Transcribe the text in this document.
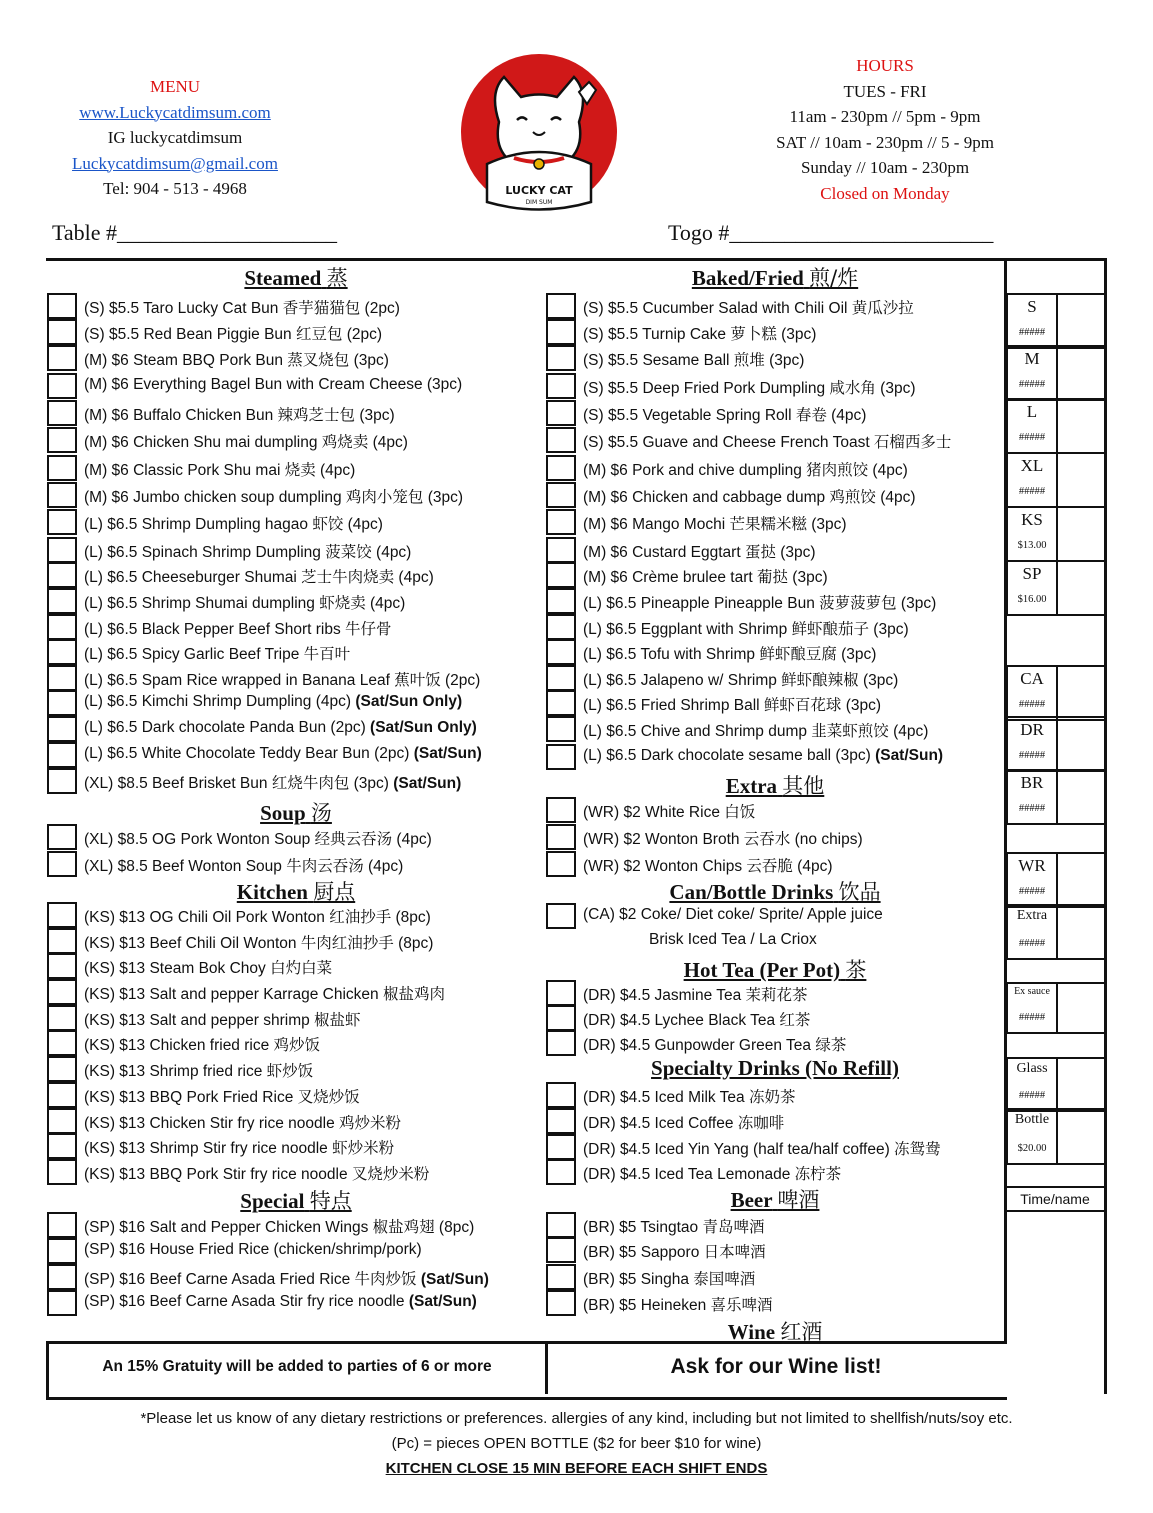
MENU
www.Luckycatdimsum.com
IG luckycatdimsum
Luckycatdimsum@gmail.com
Tel: 904 - 513 - 4968	LUCKY CAT
DIM SUM
HOURS
TUES - FRI
11am - 230pm // 5pm - 9pm
SAT // 10am - 230pm // 5 - 9pm
Sunday // 10am - 230pm
Closed on Monday
Table #____________________	Togo #________________________
Steamed 蒸
Soup 汤
Kitchen 厨点
Special 特点
Baked/Fried 煎/炸
Extra 其他
Can/Bottle Drinks 饮品
Hot Tea (Per Pot) 茶
Specialty Drinks (No Refill)
Beer 啤酒
Wine 红酒
(S) $5.5 Taro Lucky Cat Bun 香芋猫猫包 (2pc)
(S) $5.5 Red Bean Piggie Bun 红豆包 (2pc)
(M) $6 Steam BBQ Pork Bun 蒸叉烧包 (3pc)
(M) $6 Everything Bagel Bun with Cream Cheese (3pc)
(M) $6 Buffalo Chicken Bun 辣鸡芝士包 (3pc)
(M) $6 Chicken Shu mai dumpling 鸡烧卖 (4pc)
(M) $6 Classic Pork Shu mai 烧卖 (4pc)
(M) $6 Jumbo chicken soup dumpling 鸡肉小笼包 (3pc)
(L) $6.5 Shrimp Dumpling hagao 虾饺 (4pc)
(L) $6.5 Spinach Shrimp Dumpling 菠菜饺 (4pc)
(L) $6.5 Cheeseburger Shumai 芝士牛肉烧卖 (4pc)
(L) $6.5 Shrimp Shumai dumpling 虾烧卖 (4pc)
(L) $6.5 Black Pepper Beef Short ribs 牛仔骨
(L) $6.5 Spicy Garlic Beef Tripe 牛百叶
(L) $6.5 Spam Rice wrapped in Banana Leaf 蕉叶饭 (2pc)
(L) $6.5 Kimchi Shrimp Dumpling (4pc) (Sat/Sun Only)
(L) $6.5 Dark chocolate Panda Bun (2pc) (Sat/Sun Only)
(L) $6.5 White Chocolate Teddy Bear Bun (2pc) (Sat/Sun)
(XL) $8.5 Beef Brisket Bun 红烧牛肉包 (3pc) (Sat/Sun)
(XL) $8.5 OG Pork Wonton Soup 经典云吞汤 (4pc)
(XL) $8.5 Beef Wonton Soup 牛肉云吞汤 (4pc)
(KS) $13 OG Chili Oil Pork Wonton 红油抄手 (8pc)
(KS) $13 Beef Chili Oil Wonton 牛肉红油抄手 (8pc)
(KS) $13 Steam Bok Choy 白灼白菜
(KS) $13 Salt and pepper Karrage Chicken 椒盐鸡肉
(KS) $13 Salt and pepper shrimp 椒盐虾
(KS) $13 Chicken fried rice 鸡炒饭
(KS) $13 Shrimp fried rice 虾炒饭
(KS) $13 BBQ Pork Fried Rice 叉烧炒饭
(KS) $13 Chicken Stir fry rice noodle 鸡炒米粉
(KS) $13 Shrimp Stir fry rice noodle 虾炒米粉
(KS) $13 BBQ Pork Stir fry rice noodle 叉烧炒米粉
(SP) $16 Salt and Pepper Chicken Wings 椒盐鸡翅 (8pc)
(SP) $16 House Fried Rice (chicken/shrimp/pork)
(SP) $16 Beef Carne Asada Fried Rice 牛肉炒饭 (Sat/Sun)
(SP) $16 Beef Carne Asada Stir fry rice noodle (Sat/Sun)
(S) $5.5 Cucumber Salad with Chili Oil 黄瓜沙拉
(S) $5.5 Turnip Cake 萝卜糕 (3pc)
(S) $5.5 Sesame Ball 煎堆 (3pc)
(S) $5.5 Deep Fried Pork Dumpling 咸水角 (3pc)
(S) $5.5 Vegetable Spring Roll 春卷 (4pc)
(S) $5.5 Guave and Cheese French Toast 石榴西多士
(M) $6 Pork and chive dumpling 猪肉煎饺 (4pc)
(M) $6 Chicken and cabbage dump 鸡煎饺 (4pc)
(M) $6 Mango Mochi 芒果糯米糍 (3pc)
(M) $6 Custard Eggtart 蛋挞 (3pc)
(M) $6 Crème brulee tart 葡挞 (3pc)
(L) $6.5 Pineapple Pineapple Bun 菠萝菠萝包 (3pc)
(L) $6.5 Eggplant with Shrimp 鲜虾酿茄子 (3pc)
(L) $6.5 Tofu with Shrimp 鲜虾酿豆腐 (3pc)
(L) $6.5 Jalapeno w/ Shrimp 鲜虾酿辣椒 (3pc)
(L) $6.5 Fried Shrimp Ball 鲜虾百花球 (3pc)
(L) $6.5 Chive and Shrimp dump 韭菜虾煎饺 (4pc)
(L) $6.5 Dark chocolate sesame ball (3pc) (Sat/Sun)
(WR) $2 White Rice 白饭
(WR) $2 Wonton Broth 云吞水 (no chips)
(WR) $2 Wonton Chips 云吞脆 (4pc)
(CA) $2 Coke/ Diet coke/ Sprite/ Apple juice
Brisk Iced Tea / La Criox
(DR) $4.5 Jasmine Tea 茉莉花茶
(DR) $4.5 Lychee Black Tea 红茶
(DR) $4.5 Gunpowder Green Tea 绿茶
(DR) $4.5 Iced Milk Tea 冻奶茶
(DR) $4.5 Iced Coffee 冻咖啡
(DR) $4.5 Iced Yin Yang (half tea/half coffee) 冻鸳鸯
(DR) $4.5 Iced Tea Lemonade 冻柠茶
(BR) $5 Tsingtao 青岛啤酒
(BR) $5 Sapporo 日本啤酒
(BR) $5 Singha 泰国啤酒
(BR) $5 Heineken 喜乐啤酒
S
#####
M
#####
L
#####
XL
#####
KS
$13.00
SP
$16.00
CA
#####
DR
#####
BR
#####
WR
#####
Extra
#####
Ex sauce
#####
Glass
#####
Bottle
$20.00
Time/name
An 15% Gratuity will be added to parties of 6 or more	Ask for our Wine list!
*Please let us know of any dietary restrictions or preferences. allergies of any kind, including but not limited to shellfish/nuts/soy etc.
(Pc) = pieces OPEN BOTTLE ($2 for beer $10 for wine)
KITCHEN CLOSE 15 MIN BEFORE EACH SHIFT ENDS
